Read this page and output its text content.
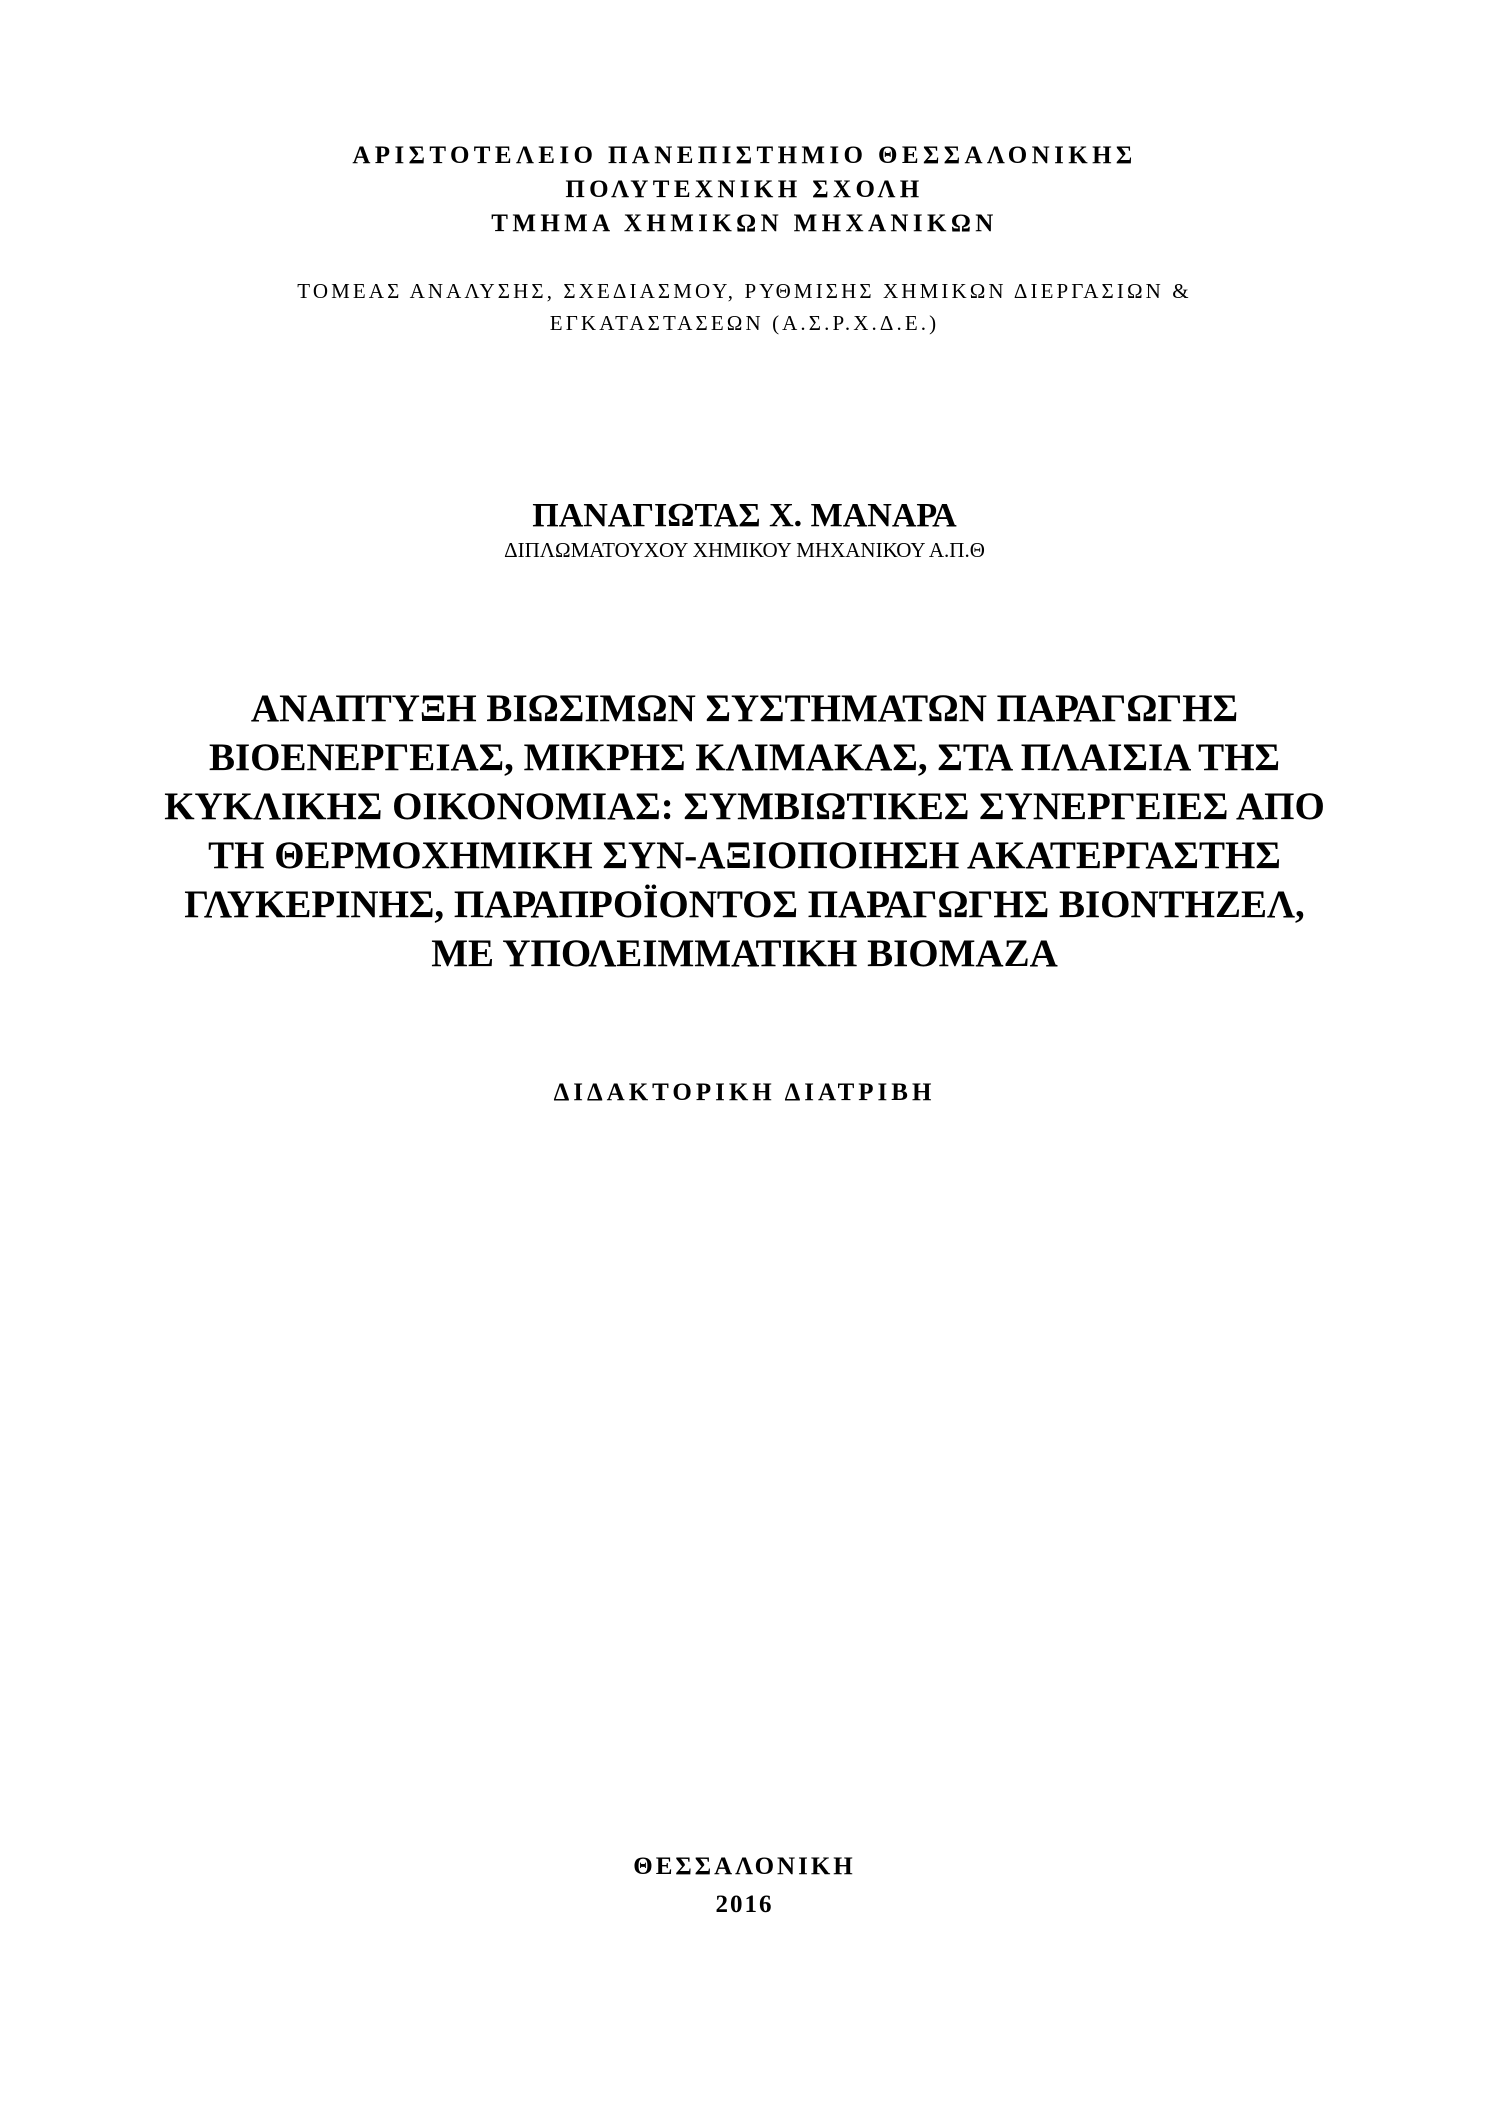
ΑΡΙΣΤΟΤΕΛΕΙΟ ΠΑΝΕΠΙΣΤΗΜΙΟ ΘΕΣΣΑΛΟΝΙΚΗΣ

ΠΟΛΥΤΕΧΝΙΚΗ ΣΧΟΛΗ

ΤΜΗΜΑ ΧΗΜΙΚΩΝ ΜΗΧΑΝΙΚΩΝ

ΤΟΜΕΑΣ ΑΝΑΛΥΣΗΣ, ΣΧΕΔΙΑΣΜΟΥ, ΡΥΘΜΙΣΗΣ ΧΗΜΙΚΩΝ ΔΙΕΡΓΑΣΙΩΝ &

ΕΓΚΑΤΑΣΤΑΣΕΩΝ (Α.Σ.Ρ.Χ.Δ.Ε.)

ΠΑΝΑΓΙΩΤΑΣ Χ. ΜΑΝΑΡΑ

ΔΙΠΛΩΜΑΤΟΥΧΟΥ ΧΗΜΙΚΟΥ ΜΗΧΑΝΙΚΟΥ Α.Π.Θ

ΑΝΑΠΤΥΞΗ ΒΙΩΣΙΜΩΝ ΣΥΣΤΗΜΑΤΩΝ ΠΑΡΑΓΩΓΗΣ

ΒΙΟΕΝΕΡΓΕΙΑΣ, ΜΙΚΡΗΣ ΚΛΙΜΑΚΑΣ, ΣΤΑ ΠΛΑΙΣΙΑ ΤΗΣ

ΚΥΚΛΙΚΗΣ ΟΙΚΟΝΟΜΙΑΣ: ΣΥΜΒΙΩΤΙΚΕΣ ΣΥΝΕΡΓΕΙΕΣ ΑΠΟ

ΤΗ ΘΕΡΜΟΧΗΜΙΚΗ ΣΥΝ-ΑΞΙΟΠΟΙΗΣΗ ΑΚΑΤΕΡΓΑΣΤΗΣ

ΓΛΥΚΕΡΙΝΗΣ, ΠΑΡΑΠΡΟΪΟΝΤΟΣ ΠΑΡΑΓΩΓΗΣ ΒΙΟΝΤΗΖΕΛ,

ΜΕ ΥΠΟΛΕΙΜΜΑΤΙΚΗ ΒΙΟΜΑΖΑ

ΔΙΔΑΚΤΟΡΙΚΗ ΔΙΑΤΡΙΒΗ

ΘΕΣΣΑΛΟΝΙΚΗ

2016
